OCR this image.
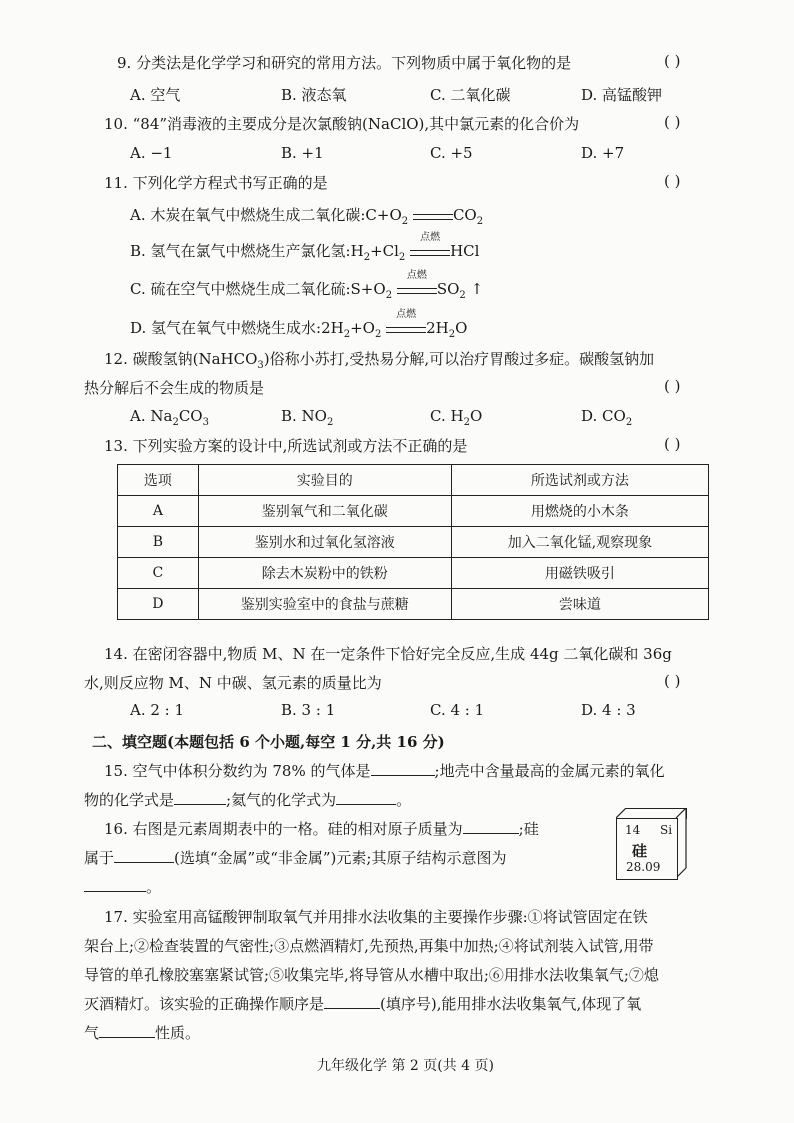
9. 分类法是化学学习和研究的常用方法。下列物质中属于氧化物的是	( )
A. 空气	B. 液态氧	C. 二氧化碳	D. 高锰酸钾
10. “84”消毒液的主要成分是次氯酸钠(NaClO),其中氯元素的化合价为	( )
A. −1	B. +1	C. +5	D. +7
11. 下列化学方程式书写正确的是	( )
A. 木炭在氧气中燃烧生成二氧化碳$:C+O_2$	$CO_2$
B. 氢气在氯气中燃烧生产氯化氢$:H_2+Cl_2$
点燃
HCl
C. 硫在空气中燃烧生成二氧化硫$:S+O_2$
点燃
$SO_2$ ↑
D. 氢气在氧气中燃烧生成水$:2H_2+O_2$
点燃
$2H_2O$
12. 碳酸氢钠(NaHCO$_3$)俗称小苏打,受热易分解,可以治疗胃酸过多症。碳酸氢钠加
热分解后不会生成的物质是	( )
A. $Na_2CO_3$	B. $NO_2$	C. $H_2O$	D. $CO_2$
13. 下列实验方案的设计中,所选试剂或方法不正确的是	( )
选项	实验目的	所选试剂或方法
A	鉴别氧气和二氧化碳	用燃烧的小木条
B	鉴别水和过氧化氢溶液	加入二氧化锰,观察现象
C	除去木炭粉中的铁粉	用磁铁吸引
D	鉴别实验室中的食盐与蔗糖	尝味道
14. 在密闭容器中,物质 M、N 在一定条件下恰好完全反应,生成 44g 二氧化碳和 36g
水,则反应物 M、N 中碳、氢元素的质量比为	( )
A. 2 : 1	B. 3 : 1	C. 4 : 1	D. 4 : 3
二、填空题(本题包括 6 个小题,每空 1 分,共 16 分)
15. 空气中体积分数约为 78% 的气体是	;地壳中含量最高的金属元素的氧化
物的化学式是	;氦气的化学式为	。
16. 右图是元素周期表中的一格。硅的相对原子质量为	;硅
属于	(选填“金属”或“非金属”)元素;其原子结构示意图为
。
14 Si
硅
28.09
17. 实验室用高锰酸钾制取氧气并用排水法收集的主要操作步骤:①将试管固定在铁
架台上;②检查装置的气密性;③点燃酒精灯,先预热,再集中加热;④将试剂装入试管,用带
导管的单孔橡胶塞塞紧试管;⑤收集完毕,将导管从水槽中取出;⑥用排水法收集氧气;⑦熄
灭酒精灯。该实验的正确操作顺序是	(填序号),能用排水法收集氧气,体现了氧
气	性质。
九年级化学 第 2 页(共 4 页)
